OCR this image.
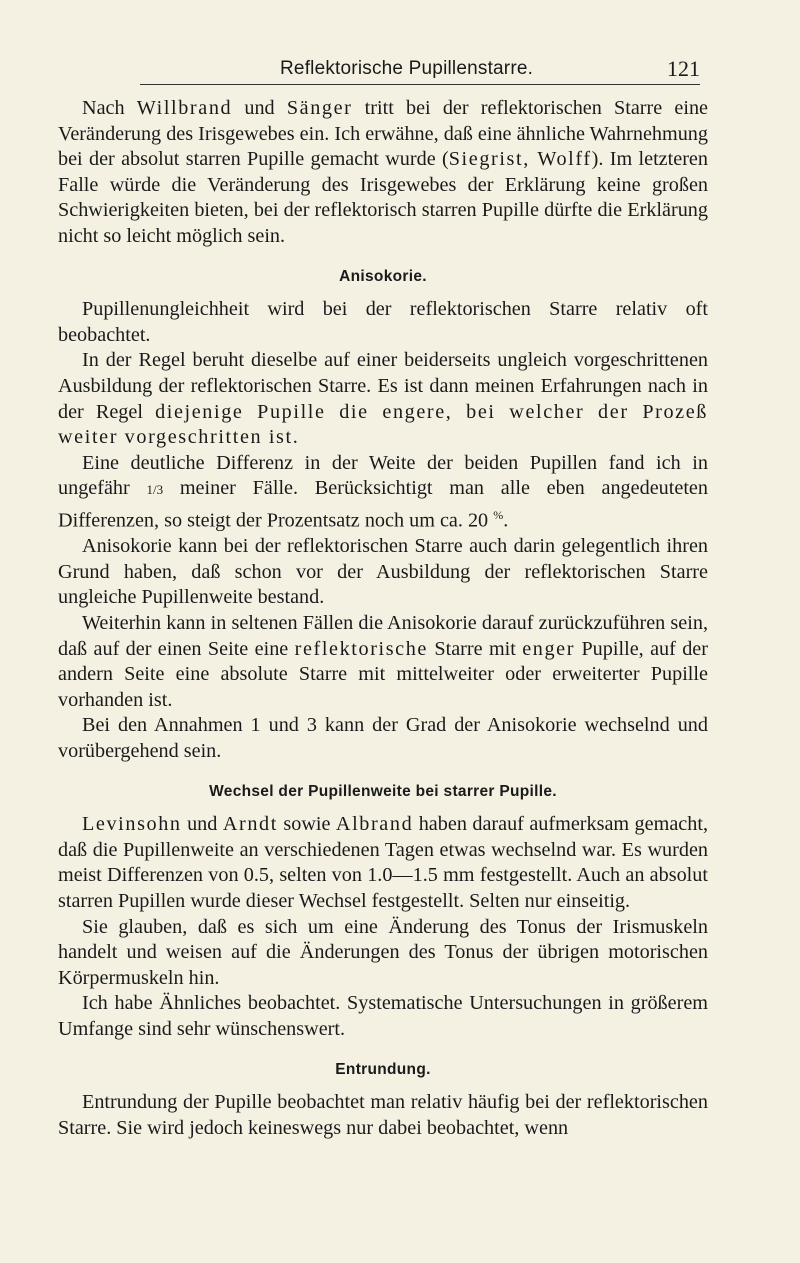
Reflektorische Pupillenstarre.	121

Nach Willbrand und Sänger tritt bei der reflektorischen Starre eine Veränderung des Irisgewebes ein. Ich erwähne, daß eine ähnliche Wahrnehmung bei der absolut starren Pupille gemacht wurde (Siegrist, Wolff). Im letzteren Falle würde die Veränderung des Irisgewebes der Erklärung keine großen Schwierigkeiten bieten, bei der reflektorisch starren Pupille dürfte die Erklärung nicht so leicht möglich sein.

Anisokorie.

Pupillenungleichheit wird bei der reflektorischen Starre relativ oft beobachtet.

In der Regel beruht dieselbe auf einer beiderseits ungleich vorgeschrittenen Ausbildung der reflektorischen Starre. Es ist dann meinen Erfahrungen nach in der Regel diejenige Pupille die engere, bei welcher der Prozeß weiter vorgeschritten ist.

Eine deutliche Differenz in der Weite der beiden Pupillen fand ich in ungefähr 1/3 meiner Fälle. Berücksichtigt man alle eben angedeuteten Differenzen, so steigt der Prozentsatz noch um ca. 20 %.

Anisokorie kann bei der reflektorischen Starre auch darin gelegentlich ihren Grund haben, daß schon vor der Ausbildung der reflektorischen Starre ungleiche Pupillenweite bestand.

Weiterhin kann in seltenen Fällen die Anisokorie darauf zurückzuführen sein, daß auf der einen Seite eine reflektorische Starre mit enger Pupille, auf der andern Seite eine absolute Starre mit mittelweiter oder erweiterter Pupille vorhanden ist.

Bei den Annahmen 1 und 3 kann der Grad der Anisokorie wechselnd und vorübergehend sein.

Wechsel der Pupillenweite bei starrer Pupille.

Levinsohn und Arndt sowie Albrand haben darauf aufmerksam gemacht, daß die Pupillenweite an verschiedenen Tagen etwas wechselnd war. Es wurden meist Differenzen von 0.5, selten von 1.0—1.5 mm festgestellt. Auch an absolut starren Pupillen wurde dieser Wechsel festgestellt. Selten nur einseitig.

Sie glauben, daß es sich um eine Änderung des Tonus der Irismuskeln handelt und weisen auf die Änderungen des Tonus der übrigen motorischen Körpermuskeln hin.

Ich habe Ähnliches beobachtet. Systematische Untersuchungen in größerem Umfange sind sehr wünschenswert.

Entrundung.

Entrundung der Pupille beobachtet man relativ häufig bei der reflektorischen Starre. Sie wird jedoch keineswegs nur dabei beobachtet, wenn
